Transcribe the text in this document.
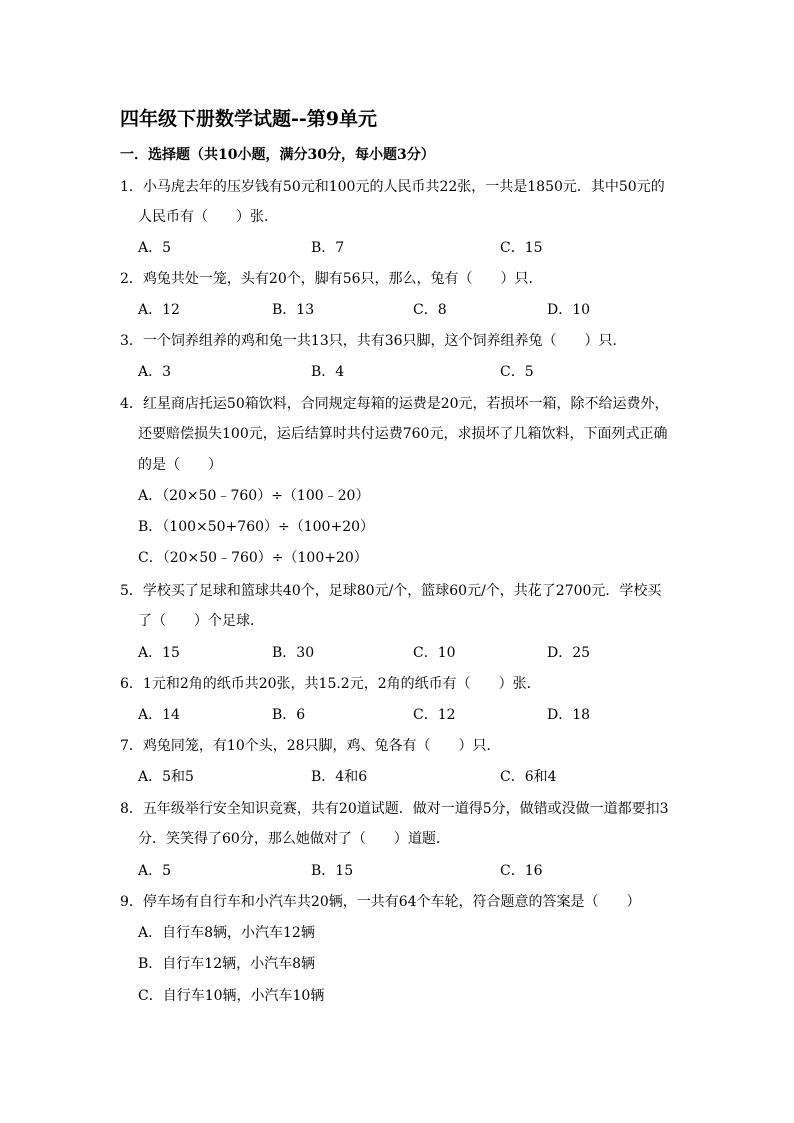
四年级下册数学试题--第9单元
一．选择题（共10小题，满分30分，每小题3分）
1．小马虎去年的压岁钱有50元和100元的人民币共22张，一共是1850元．其中50元的
人民币有（　　）张．
A．5	B．7	C．15
2．鸡兔共处一笼，头有20个，脚有56只，那么，兔有（　　）只．
A．12	B．13	C．8	D．10
3．一个饲养组养的鸡和兔一共13只，共有36只脚，这个饲养组养兔（　　）只．
A．3	B．4	C．5
4．红星商店托运50箱饮料，合同规定每箱的运费是20元，若损坏一箱，除不给运费外，
还要赔偿损失100元，运后结算时共付运费760元，求损坏了几箱饮料，下面列式正确
的是（　　）
A．（20×50﹣760）÷（100﹣20）
B．（100×50+760）÷（100+20）
C．（20×50﹣760）÷（100+20）
5．学校买了足球和篮球共40个，足球80元/个，篮球60元/个，共花了2700元．学校买
了（　　）个足球．
A．15	B．30	C．10	D．25
6．1元和2角的纸币共20张，共15.2元，2角的纸币有（　　）张．
A．14	B．6	C．12	D．18
7．鸡兔同笼，有10个头，28只脚，鸡、兔各有（　　）只．
A．5和5	B．4和6	C．6和4
8．五年级举行安全知识竞赛，共有20道试题．做对一道得5分，做错或没做一道都要扣3
分．笑笑得了60分，那么她做对了（　　）道题．
A．5	B．15	C．16
9．停车场有自行车和小汽车共20辆，一共有64个车轮，符合题意的答案是（　　）
A．自行车8辆，小汽车12辆
B．自行车12辆，小汽车8辆
C．自行车10辆，小汽车10辆
